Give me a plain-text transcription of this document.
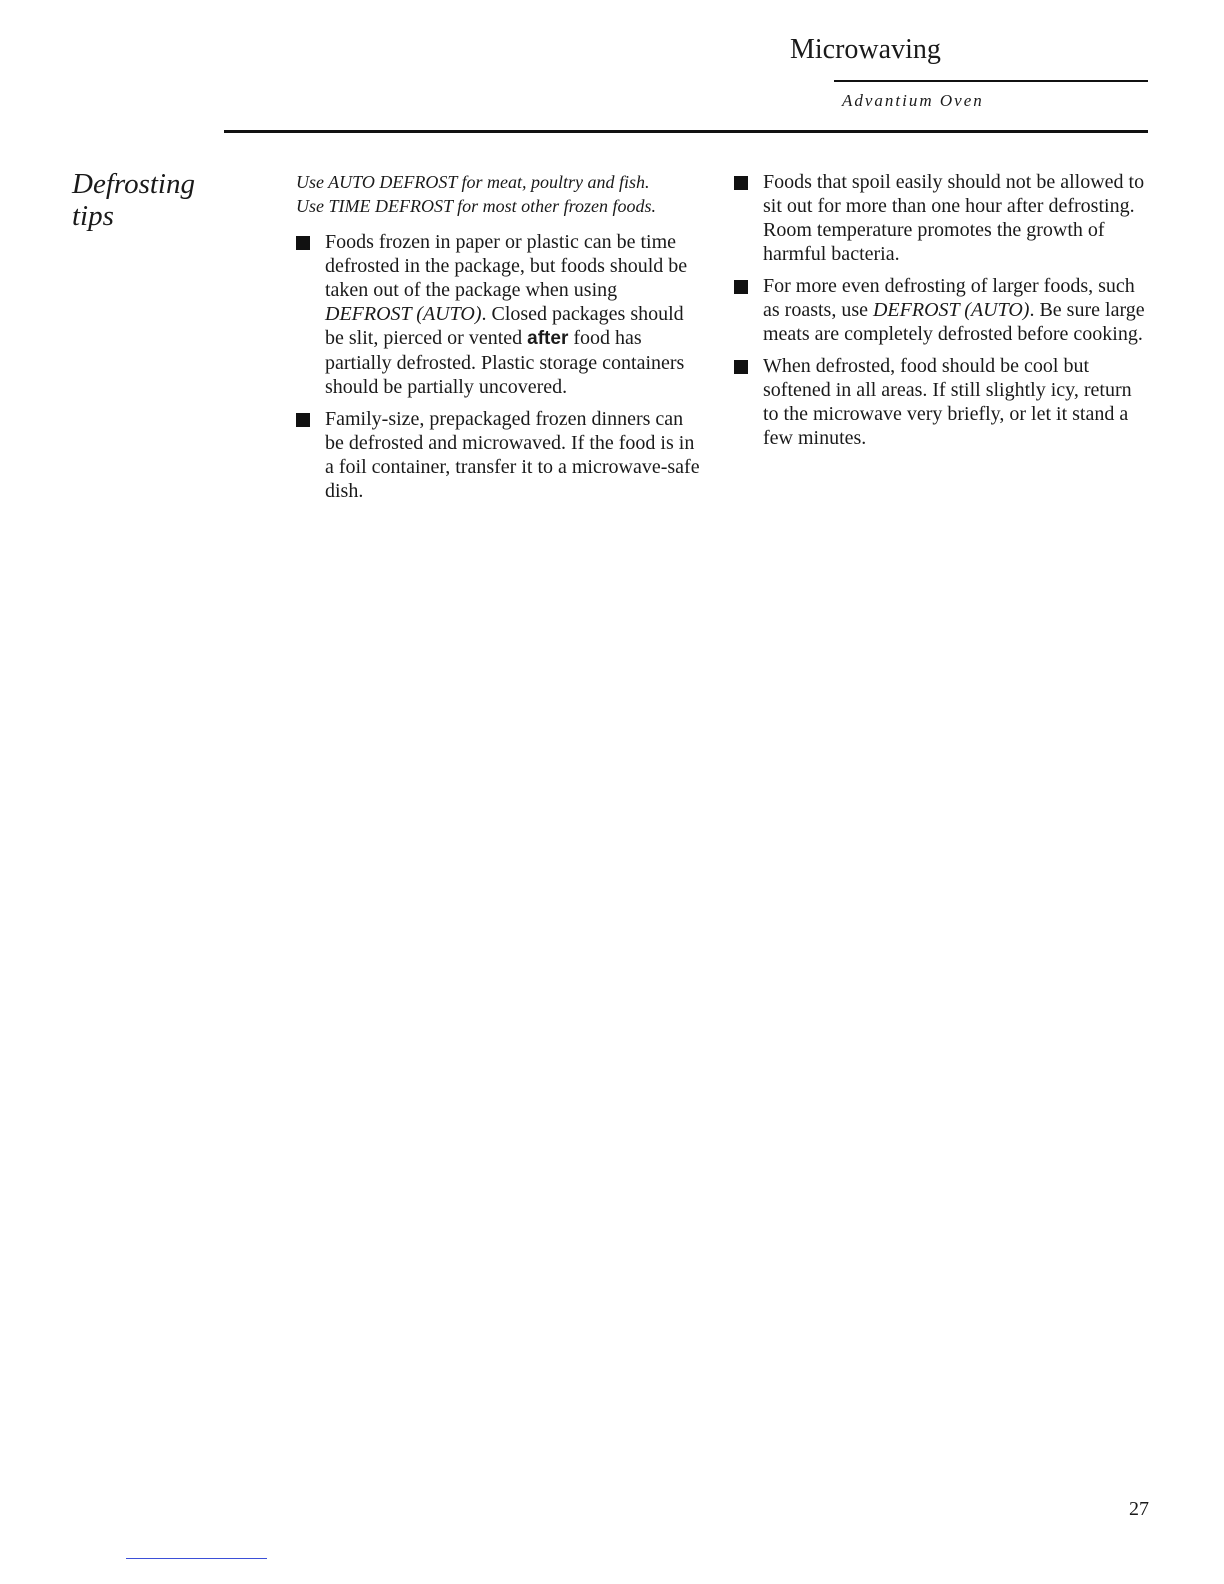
Microwaving
Advantium Oven
Defrosting
tips

Use AUTO DEFROST for meat, poultry and fish. Use TIME DEFROST for most other frozen foods.

Foods frozen in paper or plastic can be time defrosted in the package, but foods should be taken out of the package when using DEFROST (AUTO). Closed packages should be slit, pierced or vented after food has partially defrosted. Plastic storage containers should be partially uncovered.
Family-size, prepackaged frozen dinners can be defrosted and microwaved. If the food is in a foil container, transfer it to a microwave-safe dish.
Foods that spoil easily should not be allowed to sit out for more than one hour after defrosting. Room temperature promotes the growth of harmful bacteria.
For more even defrosting of larger foods, such as roasts, use DEFROST (AUTO). Be sure large meats are completely defrosted before cooking.
When defrosted, food should be cool but softened in all areas. If still slightly icy, return to the microwave very briefly, or let it stand a few minutes.
27
